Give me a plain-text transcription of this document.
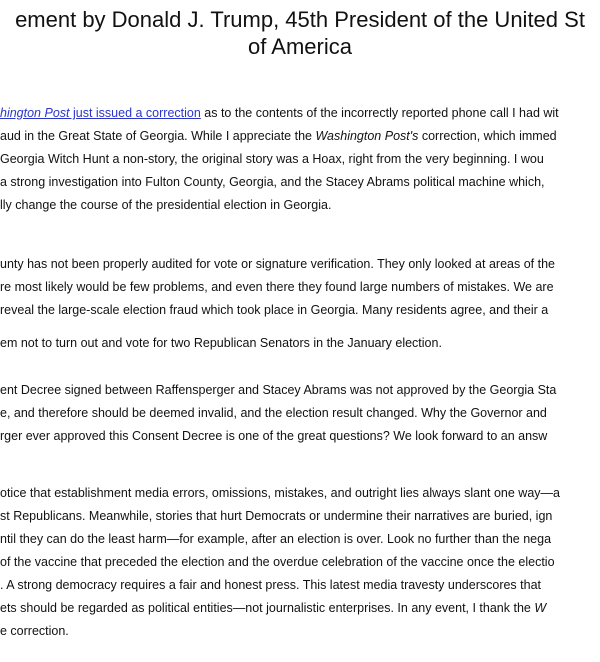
ement by Donald J. Trump, 45th President of the United St
of America
hington Post just issued a correction as to the contents of the incorrectly reported phone call I had wit
aud in the Great State of Georgia. While I appreciate the Washington Post's correction, which immed
Georgia Witch Hunt a non-story, the original story was a Hoax, right from the very beginning. I wou
a strong investigation into Fulton County, Georgia, and the Stacey Abrams political machine which,
lly change the course of the presidential election in Georgia.
unty has not been properly audited for vote or signature verification. They only looked at areas of the
re most likely would be few problems, and even there they found large numbers of mistakes. We are
reveal the large-scale election fraud which took place in Georgia. Many residents agree, and their a
em not to turn out and vote for two Republican Senators in the January election.
ent Decree signed between Raffensperger and Stacey Abrams was not approved by the Georgia Sta
e, and therefore should be deemed invalid, and the election result changed. Why the Governor and
rger ever approved this Consent Decree is one of the great questions? We look forward to an answ
otice that establishment media errors, omissions, mistakes, and outright lies always slant one way—a
st Republicans. Meanwhile, stories that hurt Democrats or undermine their narratives are buried, ign
ntil they can do the least harm—for example, after an election is over. Look no further than the nega
of the vaccine that preceded the election and the overdue celebration of the vaccine once the electio
. A strong democracy requires a fair and honest press. This latest media travesty underscores that
ets should be regarded as political entities—not journalistic enterprises. In any event, I thank the W
e correction.
